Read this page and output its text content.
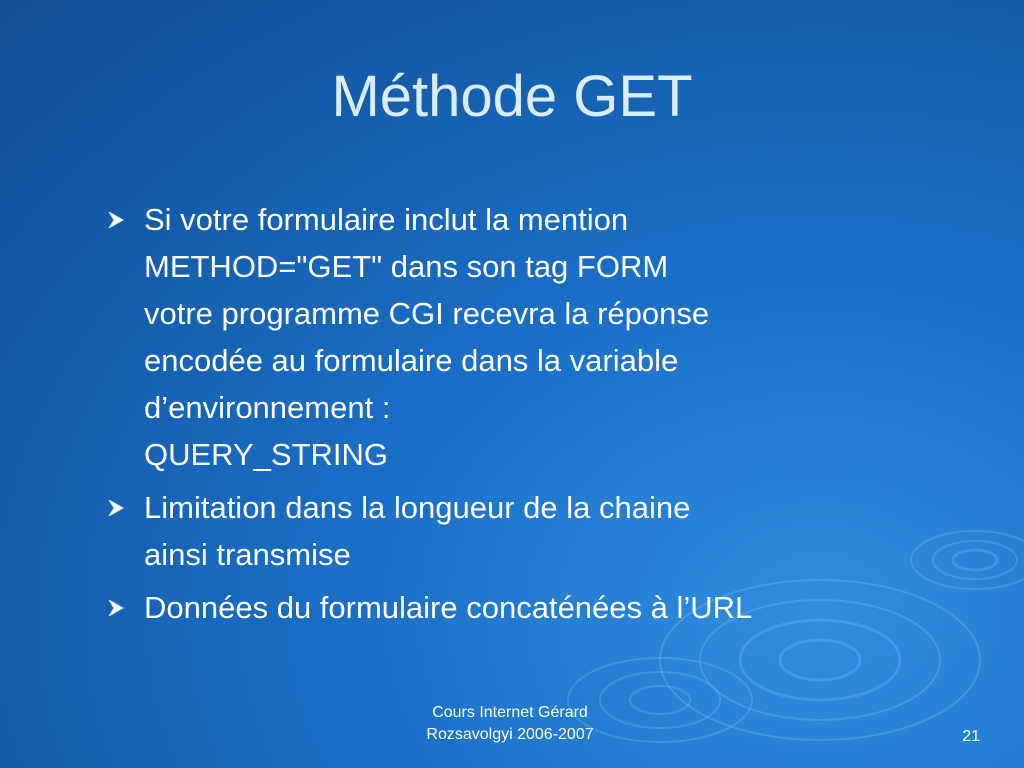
Méthode GET
Si votre formulaire inclut la mention
METHOD="GET" dans son tag FORM
votre programme CGI recevra la réponse
encodée au formulaire dans la variable
d’environnement :
QUERY_STRING
Limitation dans la longueur de la chaine
ainsi transmise
Données du formulaire concaténées à l’URL
Cours Internet Gérard
Rozsavolgyi 2006-2007	21
